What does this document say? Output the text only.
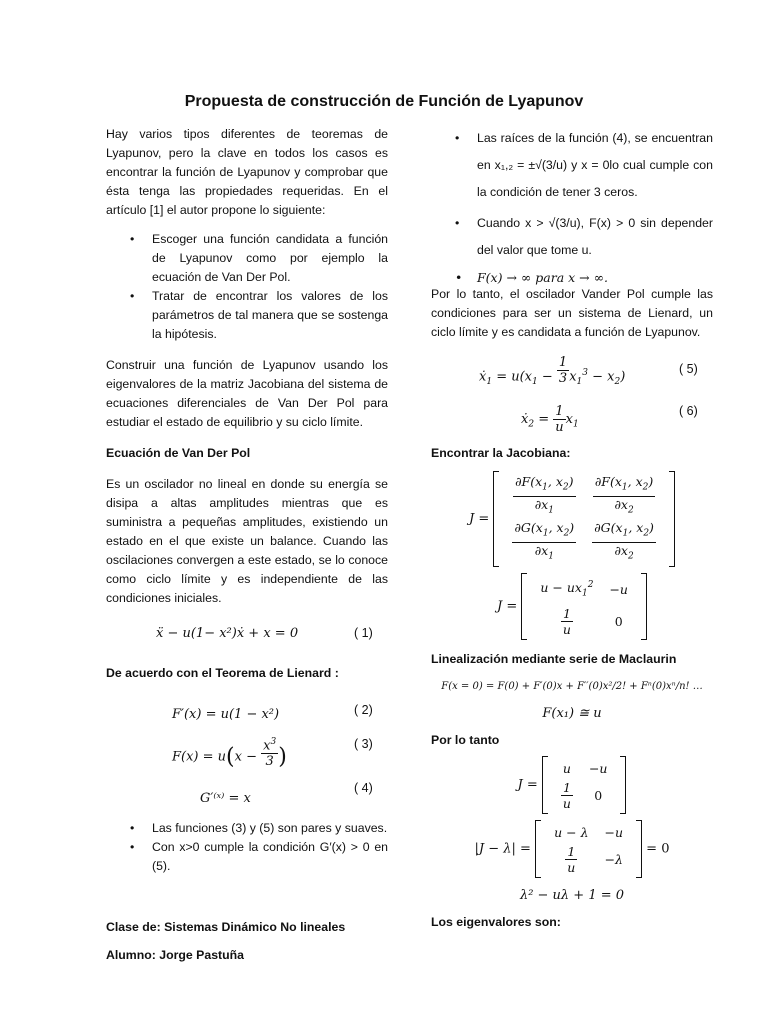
Propuesta de construcción de Función de Lyapunov

Hay varios tipos diferentes de teoremas de Lyapunov, pero la clave en todos los casos es encontrar la función de Lyapunov y comprobar que ésta tenga las propiedades requeridas. En el artículo [1] el autor propone lo siguiente:

• Escoger una función candidata a función de Lyapunov como por ejemplo la ecuación de Van Der Pol.
• Tratar de encontrar los valores de los parámetros de tal manera que se sostenga la hipótesis.

Construir una función de Lyapunov usando los eigenvalores de la matriz Jacobiana del sistema de ecuaciones diferenciales de Van Der Pol para estudiar el estado de equilibrio y su ciclo límite.

Ecuación de Van Der Pol

Es un oscilador no lineal en donde su energía se disipa a altas amplitudes mientras que es suministra a pequeñas amplitudes, existiendo un estado en el que existe un balance. Cuando las oscilaciones convergen a este estado, se lo conoce como ciclo límite y es independiente de las condiciones iniciales.

ẍ − u(1− x²)ẋ + x = 0	( 1)

De acuerdo con el Teorema de Lienard :

F′(x) = u(1 − x²)	( 2)
$F(x) = u(x - \frac{x^3}{3}$ )
( 3)
G′⁽ˣ⁾ = x
( 4)
• Las funciones (3) y (5) son pares y suaves.
• Con x>0 cumple la condición G′(x) > 0 en (5).

Clase de: Sistemas Dinámico No lineales

Alumno: Jorge Pastuña

• Las raíces de la función (4), se encuentran en x₁,₂ = ±√(3/u) y x = 0lo cual cumple con la condición de tener 3 ceros.
• Cuando x > √(3/u), F(x) > 0 sin depender del valor que tome u.
• F(x) → ∞ para x → ∞.

Por lo tanto, el oscilador Vander Pol cumple las condiciones para ser un sistema de Lienard, un ciclo límite y es candidata a función de Lyapunov.

ẋ$_1$ = $u(x_1 - \frac{1}{3} x_1^3 - x_2)$
( 5)
ẋ$_2$ = $\frac{1}{u} x_1$
( 6)

Encontrar la Jacobiana:

J =
$\frac{\partial F(x_1, x_2)}{\partial x_1}$	$\frac{\partial F(x_1, x_2)}{\partial x_2}$

$\frac{\partial G(x_1, x_2)}{\partial x_1}$	$\frac{\partial G(x_1, x_2)}{\partial x_2}$
J =
$u - ux_1^2$	−u

$\frac{1}{u}$	0

Linealización mediante serie de Maclaurin

F(x = 0) = F(0) + F′(0)x + F′′(0)x²/2! + Fⁿ(0)xⁿ/n! …

F(x₁) ≅ u

Por lo tanto

J =
u	−u

$\frac{1}{u}$	0
|J − λ| =
u − λ	−u

$\frac{1}{u}$	−λ
= 0

λ² − uλ + 1 = 0

Los eigenvalores son:
